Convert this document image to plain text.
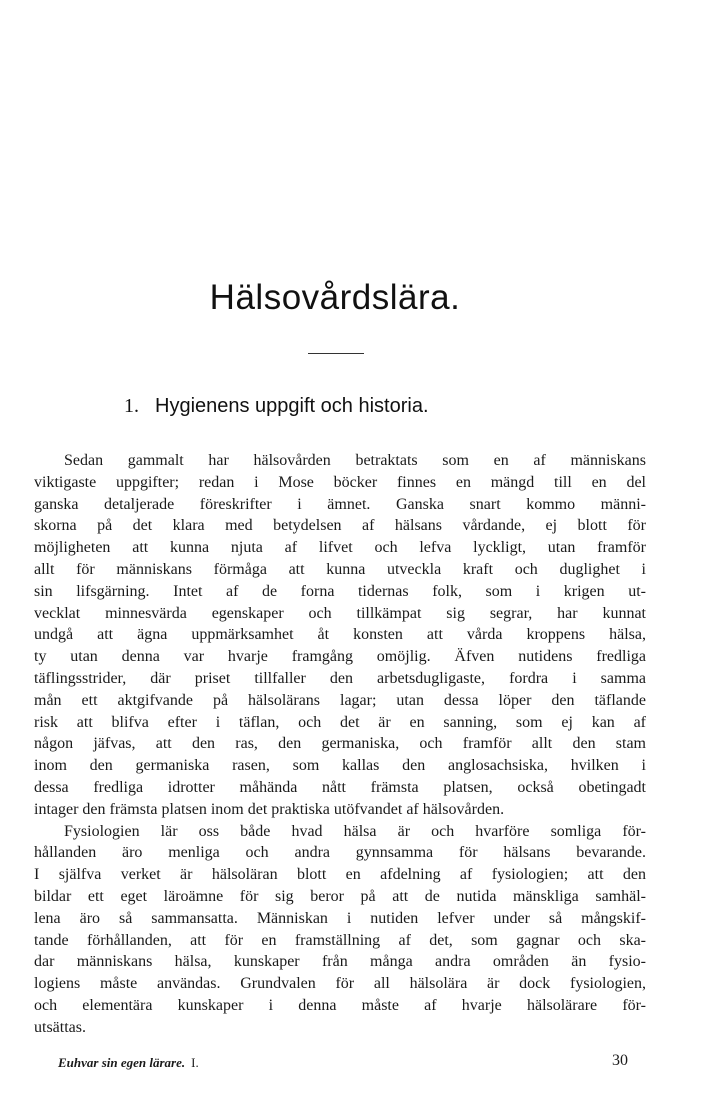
Hälsovårdslära.
1. Hygienens uppgift och historia.
Sedan gammalt har hälsovården betraktats som en af människans
viktigaste uppgifter; redan i Mose böcker finnes en mängd till en del
ganska detaljerade föreskrifter i ämnet. Ganska snart kommo männi-
skorna på det klara med betydelsen af hälsans vårdande, ej blott för
möjligheten att kunna njuta af lifvet och lefva lyckligt, utan framför
allt för människans förmåga att kunna utveckla kraft och duglighet i
sin lifsgärning. Intet af de forna tidernas folk, som i krigen ut-
vecklat minnesvärda egenskaper och tillkämpat sig segrar, har kunnat
undgå att ägna uppmärksamhet åt konsten att vårda kroppens hälsa,
ty utan denna var hvarje framgång omöjlig. Äfven nutidens fredliga
täflingsstrider, där priset tillfaller den arbetsdugligaste, fordra i samma
mån ett aktgifvande på hälsolärans lagar; utan dessa löper den täflande
risk att blifva efter i täflan, och det är en sanning, som ej kan af
någon jäfvas, att den ras, den germaniska, och framför allt den stam
inom den germaniska rasen, som kallas den anglosachsiska, hvilken i
dessa fredliga idrotter måhända nått främsta platsen, också obetingadt
intager den främsta platsen inom det praktiska utöfvandet af hälsovården.
Fysiologien lär oss både hvad hälsa är och hvarföre somliga för-
hållanden äro menliga och andra gynnsamma för hälsans bevarande.
I själfva verket är hälsoläran blott en afdelning af fysiologien; att den
bildar ett eget läroämne för sig beror på att de nutida mänskliga samhäl-
lena äro så sammansatta. Människan i nutiden lefver under så mångskif-
tande förhållanden, att för en framställning af det, som gagnar och ska-
dar människans hälsa, kunskaper från många andra områden än fysio-
logiens måste användas. Grundvalen för all hälsolära är dock fysiologien,
och elementära kunskaper i denna måste af hvarje hälsolärare för-
utsättas.
Euhvar sin egen lärare. I.	30
